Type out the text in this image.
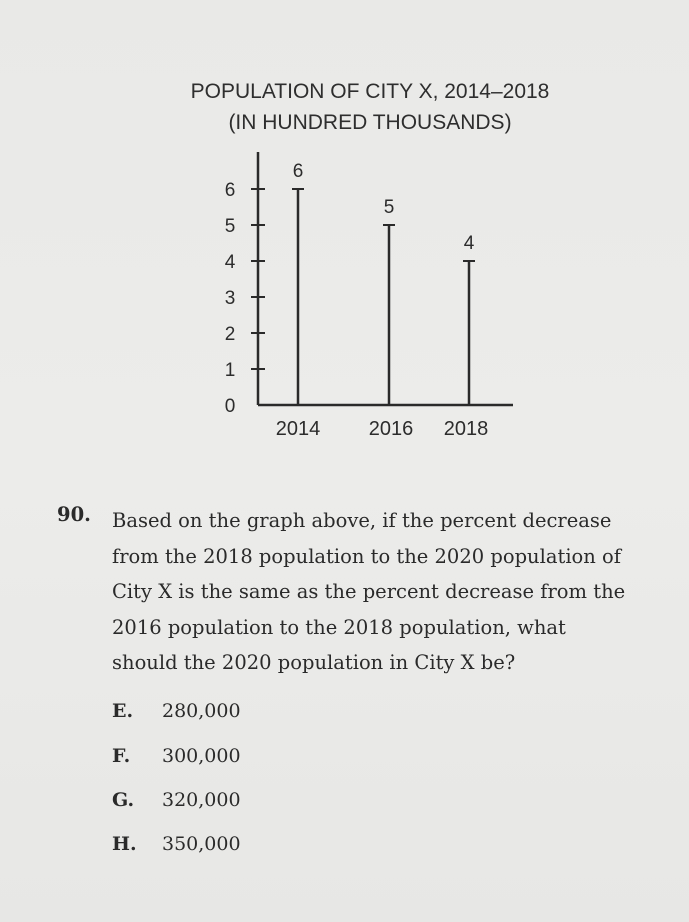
POPULATION OF CITY X, 2014–2018
(IN HUNDRED THOUSANDS)
0
1
2
3
4
5
6
6
5
4
2014 2016 2018
90. Based on the graph above, if the percent decrease
from the 2018 population to the 2020 population of
City X is the same as the percent decrease from the
2016 population to the 2018 population, what
should the 2020 population in City X be?
E. 280,000
F. 300,000
G. 320,000
H. 350,000
